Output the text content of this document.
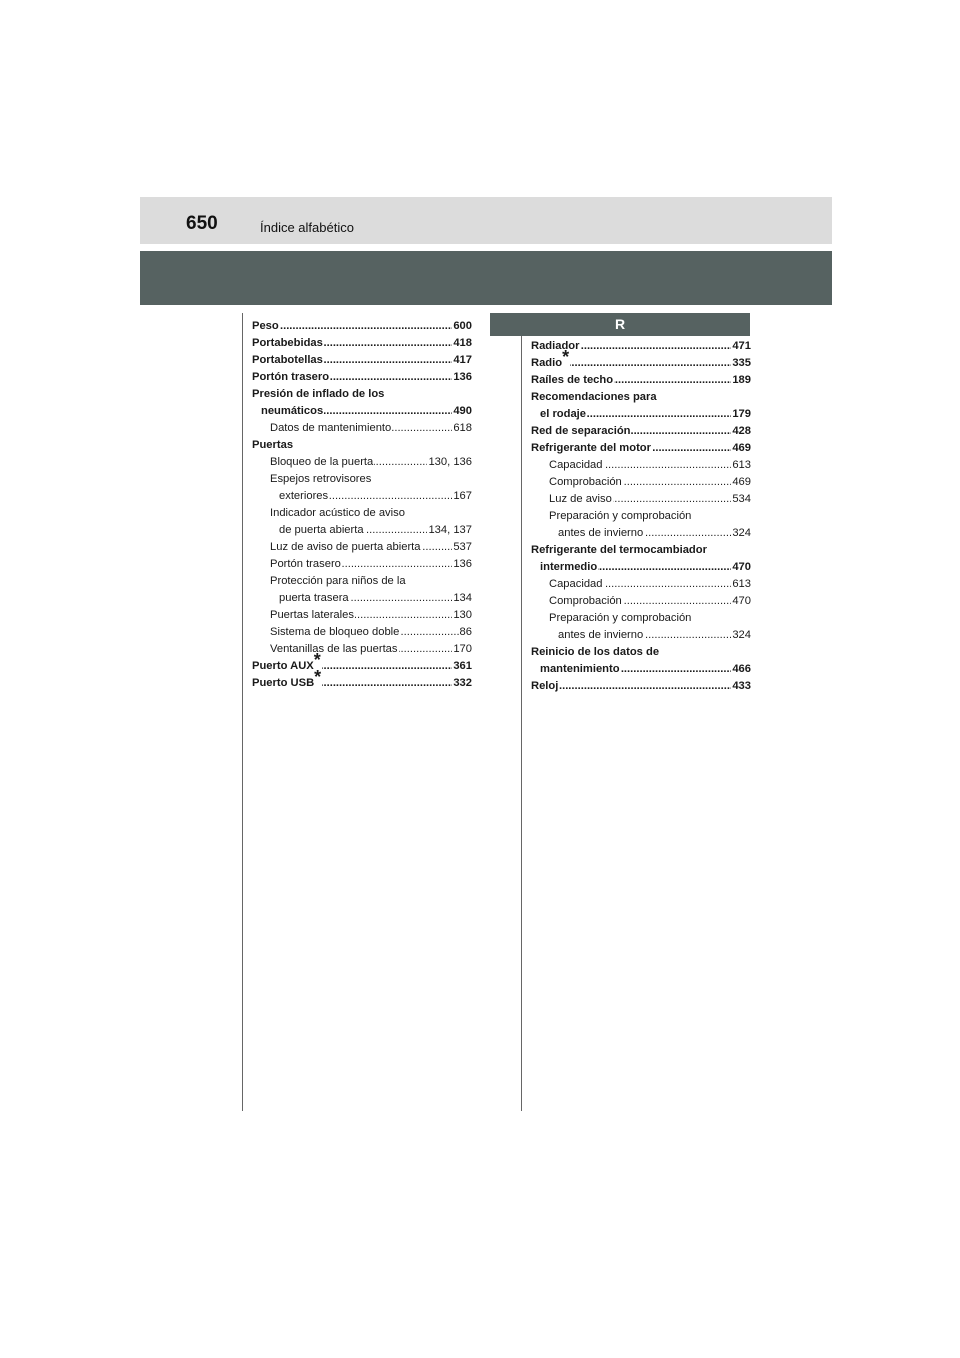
650	Índice alfabético
R
.....
Peso	600
.....
Portabebidas	418
.....
Portabotellas	417
.....
Portón trasero	136
Presión de inflado de los
.....
neumáticos	490
.....
Datos de mantenimiento	618
Puertas
.....
Bloqueo de la puerta	130, 136
Espejos retrovisores
.....
exteriores	167
Indicador acústico de aviso
.....
de puerta abierta	134, 137
.....
Luz de aviso de puerta abierta	537
.....
Portón trasero	136
Protección para niños de la
.....
puerta trasera	134
.....
Puertas laterales	130
.....
Sistema de bloqueo doble	86
.....
Ventanillas de las puertas	170
.....
Puerto AUX*	361
.....
Puerto USB*	332
.....
Radiador	471
.....
Radio*	335
.....
Raíles de techo	189
Recomendaciones para
.....
el rodaje	179
.....
Red de separación	428
.....
Refrigerante del motor	469
.....
Capacidad	613
.....
Comprobación	469
.....
Luz de aviso	534
Preparación y comprobación
.....
antes de invierno	324
Refrigerante del termocambiador
.....
intermedio	470
.....
Capacidad	613
.....
Comprobación	470
Preparación y comprobación
.....
antes de invierno	324
Reinicio de los datos de
.....
mantenimiento	466
.....
Reloj	433
